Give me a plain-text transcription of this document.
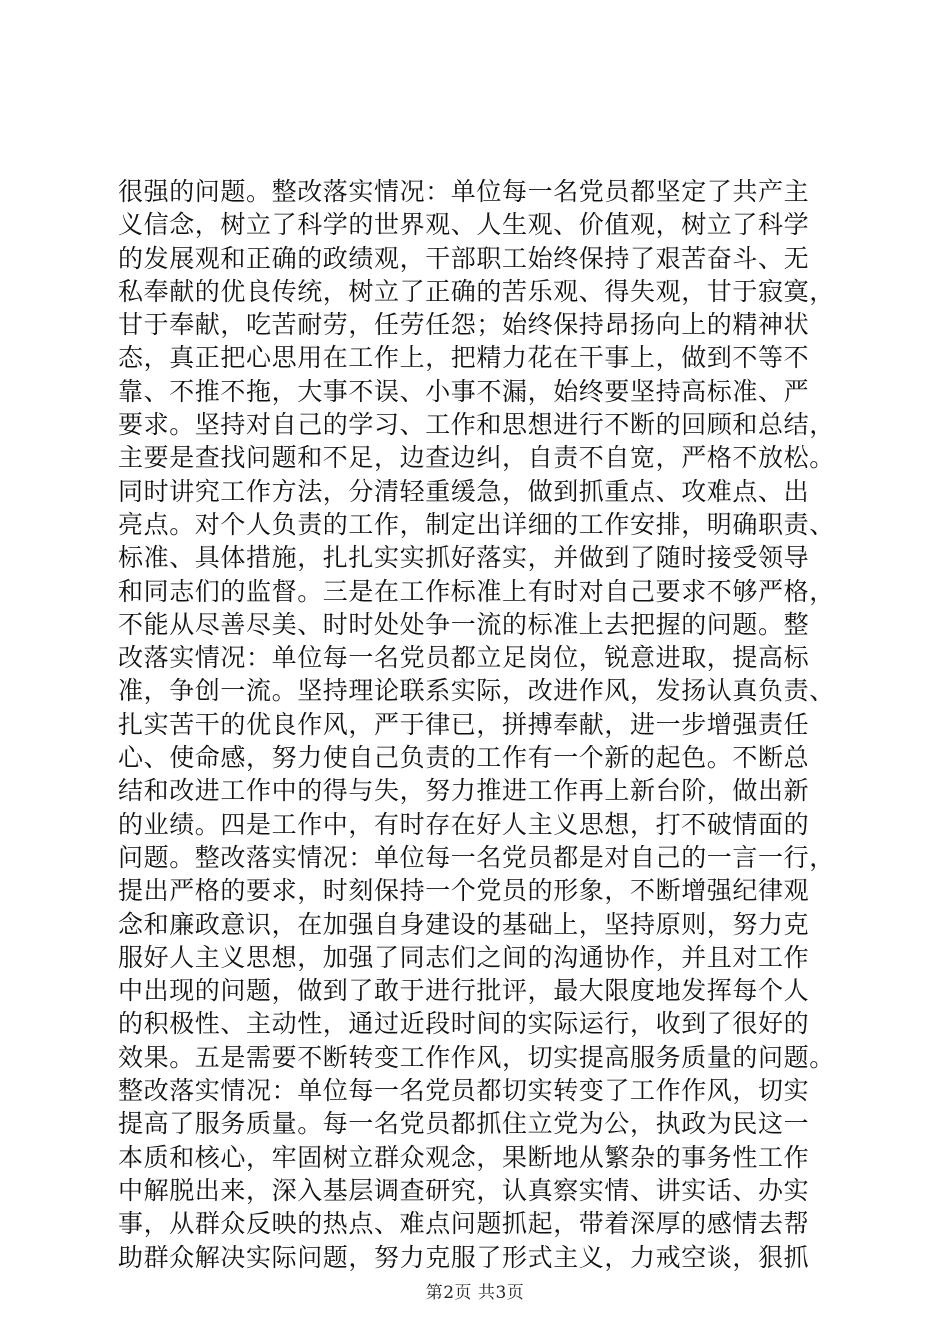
很强的问题。整改落实情况：单位每一名党员都坚定了共产主
义信念，树立了科学的世界观、人生观、价值观，树立了科学
的发展观和正确的政绩观，干部职工始终保持了艰苦奋斗、无
私奉献的优良传统，树立了正确的苦乐观、得失观，甘于寂寞，
甘于奉献，吃苦耐劳，任劳任怨；始终保持昂扬向上的精神状
态，真正把心思用在工作上，把精力花在干事上，做到不等不
靠、不推不拖，大事不误、小事不漏，始终要坚持高标准、严
要求。坚持对自己的学习、工作和思想进行不断的回顾和总结，
主要是查找问题和不足，边查边纠，自责不自宽，严格不放松。
同时讲究工作方法，分清轻重缓急，做到抓重点、攻难点、出
亮点。对个人负责的工作，制定出详细的工作安排，明确职责、
标准、具体措施，扎扎实实抓好落实，并做到了随时接受领导
和同志们的监督。三是在工作标准上有时对自己要求不够严格，
不能从尽善尽美、时时处处争一流的标准上去把握的问题。整
改落实情况：单位每一名党员都立足岗位，锐意进取，提高标
准，争创一流。坚持理论联系实际，改进作风，发扬认真负责、
扎实苦干的优良作风，严于律已，拼搏奉献，进一步增强责任
心、使命感，努力使自己负责的工作有一个新的起色。不断总
结和改进工作中的得与失，努力推进工作再上新台阶，做出新
的业绩。四是工作中，有时存在好人主义思想，打不破情面的
问题。整改落实情况：单位每一名党员都是对自己的一言一行，
提出严格的要求，时刻保持一个党员的形象，不断增强纪律观
念和廉政意识，在加强自身建设的基础上，坚持原则，努力克
服好人主义思想，加强了同志们之间的沟通协作，并且对工作
中出现的问题，做到了敢于进行批评，最大限度地发挥每个人
的积极性、主动性，通过近段时间的实际运行，收到了很好的
效果。五是需要不断转变工作作风，切实提高服务质量的问题。
整改落实情况：单位每一名党员都切实转变了工作作风，切实
提高了服务质量。每一名党员都抓住立党为公，执政为民这一
本质和核心，牢固树立群众观念，果断地从繁杂的事务性工作
中解脱出来，深入基层调查研究，认真察实情、讲实话、办实
事，从群众反映的热点、难点问题抓起，带着深厚的感情去帮
助群众解决实际问题，努力克服了形式主义，力戒空谈，狠抓
第2页 共3页
